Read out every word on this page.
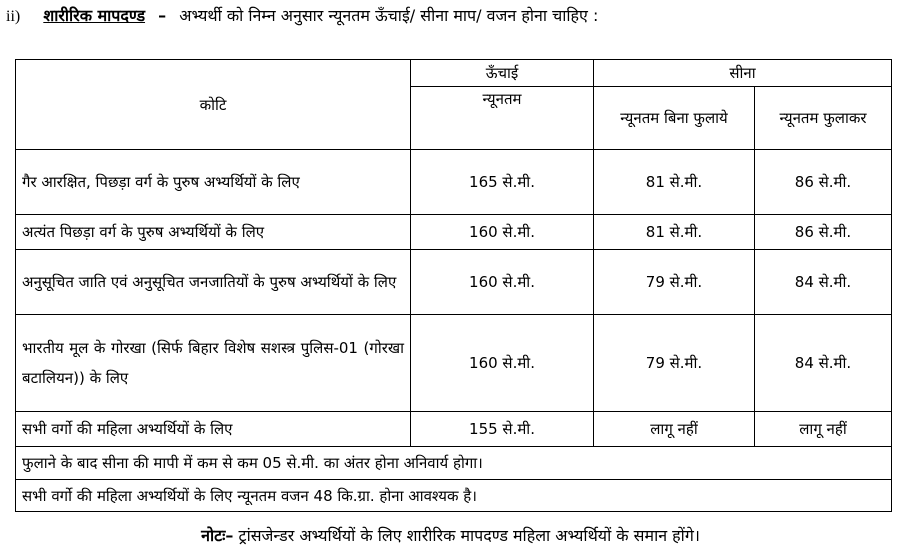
ii) शारीरिक मापदण्ड – अभ्यर्थी को निम्न अनुसार न्यूनतम ऊँचाई/ सीना माप/ वजन होना चाहिए :
कोटि	ऊँचाई	सीना	
	न्यूनतम	न्यूनतम बिना फुलाये	न्यूनतम फुलाकर
गैर आरक्षित, पिछड़ा वर्ग के पुरुष अभ्यर्थियों के लिए	165 से.मी.	81 से.मी.	86 से.मी.
अत्यंत पिछड़ा वर्ग के पुरुष अभ्यर्थियों के लिए	160 से.मी.	81 से.मी.	86 से.मी.
अनुसूचित जाति एवं अनुसूचित जनजातियों के पुरुष अभ्यर्थियों के लिए	160 से.मी.	79 से.मी.	84 से.मी.
भारतीय मूल के गोरखा (सिर्फ बिहार विशेष सशस्त्र पुलिस-01 (गोरखा बटालियन)) के लिए	160 से.मी.	79 से.मी.	84 से.मी.
सभी वर्गो की महिला अभ्यर्थियों के लिए	155 से.मी.	लागू नहीं	लागू नहीं
फुलाने के बाद सीना की मापी में कम से कम 05 से.मी. का अंतर होना अनिवार्य होगा।			
सभी वर्गो की महिला अभ्यर्थियों के लिए न्यूनतम वजन 48 कि.ग्रा. होना आवश्यक है।			
नोटः– ट्रांसजेन्डर अभ्यर्थियों के लिए शारीरिक मापदण्ड महिला अभ्यर्थियों के समान होंगे।
